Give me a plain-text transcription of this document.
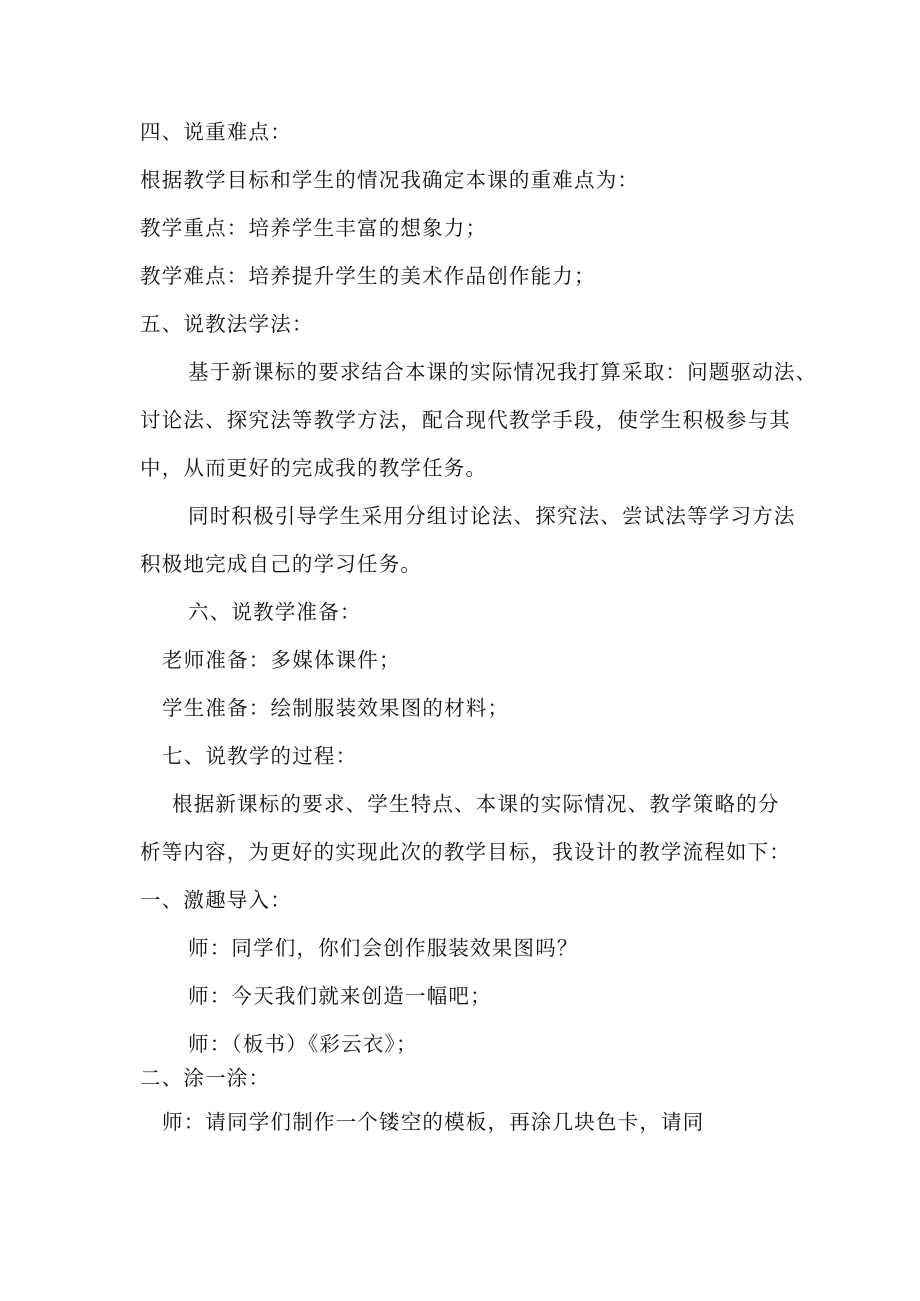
四、说重难点：
根据教学目标和学生的情况我确定本课的重难点为：
教学重点：培养学生丰富的想象力；
教学难点：培养提升学生的美术作品创作能力；
五、说教法学法：
基于新课标的要求结合本课的实际情况我打算采取：问题驱动法、
讨论法、探究法等教学方法，配合现代教学手段，使学生积极参与其
中，从而更好的完成我的教学任务。
同时积极引导学生采用分组讨论法、探究法、尝试法等学习方法
积极地完成自己的学习任务。
六、说教学准备：
老师准备：多媒体课件；
学生准备：绘制服装效果图的材料；
七、说教学的过程：
根据新课标的要求、学生特点、本课的实际情况、教学策略的分
析等内容，为更好的实现此次的教学目标，我设计的教学流程如下：
一、激趣导入：
师：同学们，你们会创作服装效果图吗？
师：今天我们就来创造一幅吧；
师：（板书）《彩云衣》；
二、涂一涂：
师：请同学们制作一个镂空的模板，再涂几块色卡，请同
